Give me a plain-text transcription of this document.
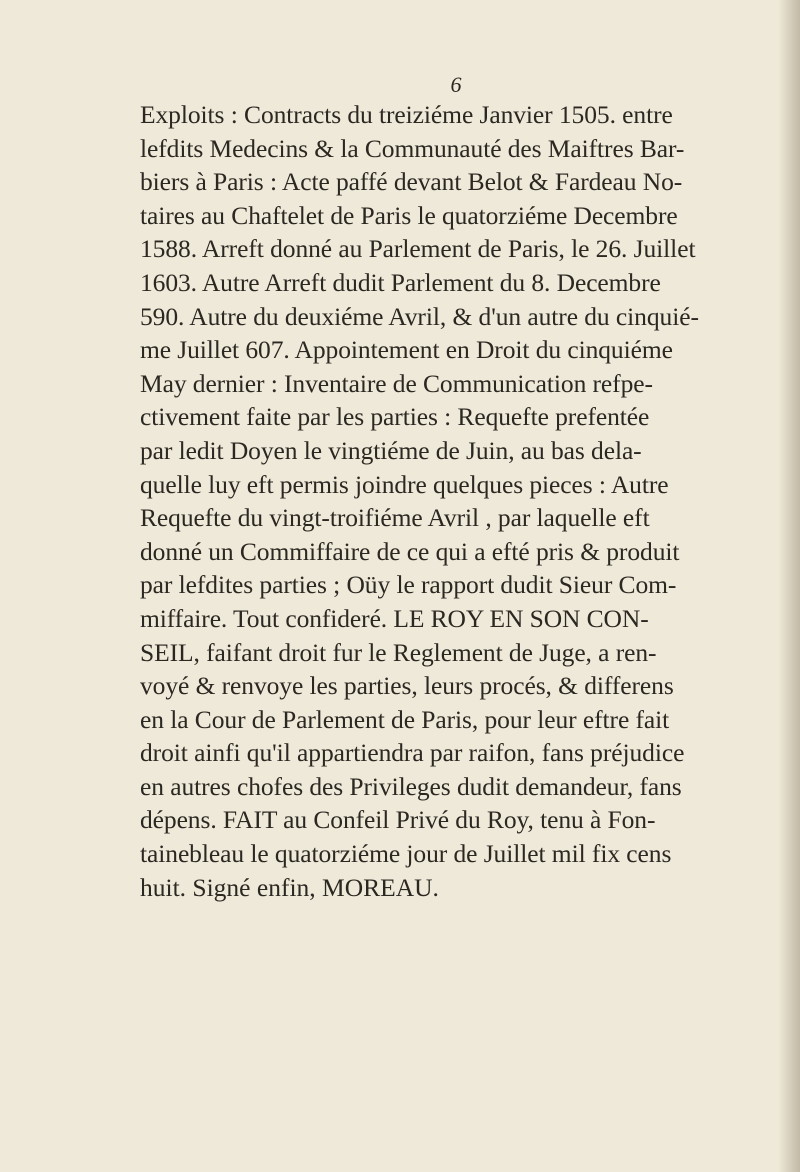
6
Exploits : Contracts du treiziéme Janvier 1505. entre
lefdits Medecins & la Communauté des Maiftres Bar-
biers à Paris : Acte paffé devant Belot & Fardeau No-
taires au Chaftelet de Paris le quatorziéme Decembre
1588. Arreft donné au Parlement de Paris, le 26. Juillet
1603. Autre Arreft dudit Parlement du 8. Decembre
590. Autre du deuxiéme Avril, & d'un autre du cinquié-
me Juillet 607. Appointement en Droit du cinquiéme
May dernier : Inventaire de Communication refpe-
ctivement faite par les parties : Requefte prefentée
par ledit Doyen le vingtiéme de Juin, au bas dela-
quelle luy eft permis joindre quelques pieces : Autre
Requefte du vingt-troifiéme Avril , par laquelle eft
donné un Commiffaire de ce qui a efté pris & produit
par lefdites parties ; Oüy le rapport dudit Sieur Com-
miffaire. Tout confideré. LE ROY EN SON CON-
SEIL, faifant droit fur le Reglement de Juge, a ren-
voyé & renvoye les parties, leurs procés, & differens
en la Cour de Parlement de Paris, pour leur eftre fait
droit ainfi qu'il appartiendra par raifon, fans préjudice
en autres chofes des Privileges dudit demandeur, fans
dépens. FAIT au Confeil Privé du Roy, tenu à Fon-
tainebleau le quatorziéme jour de Juillet mil fix cens
huit. Signé enfin, MOREAU.
